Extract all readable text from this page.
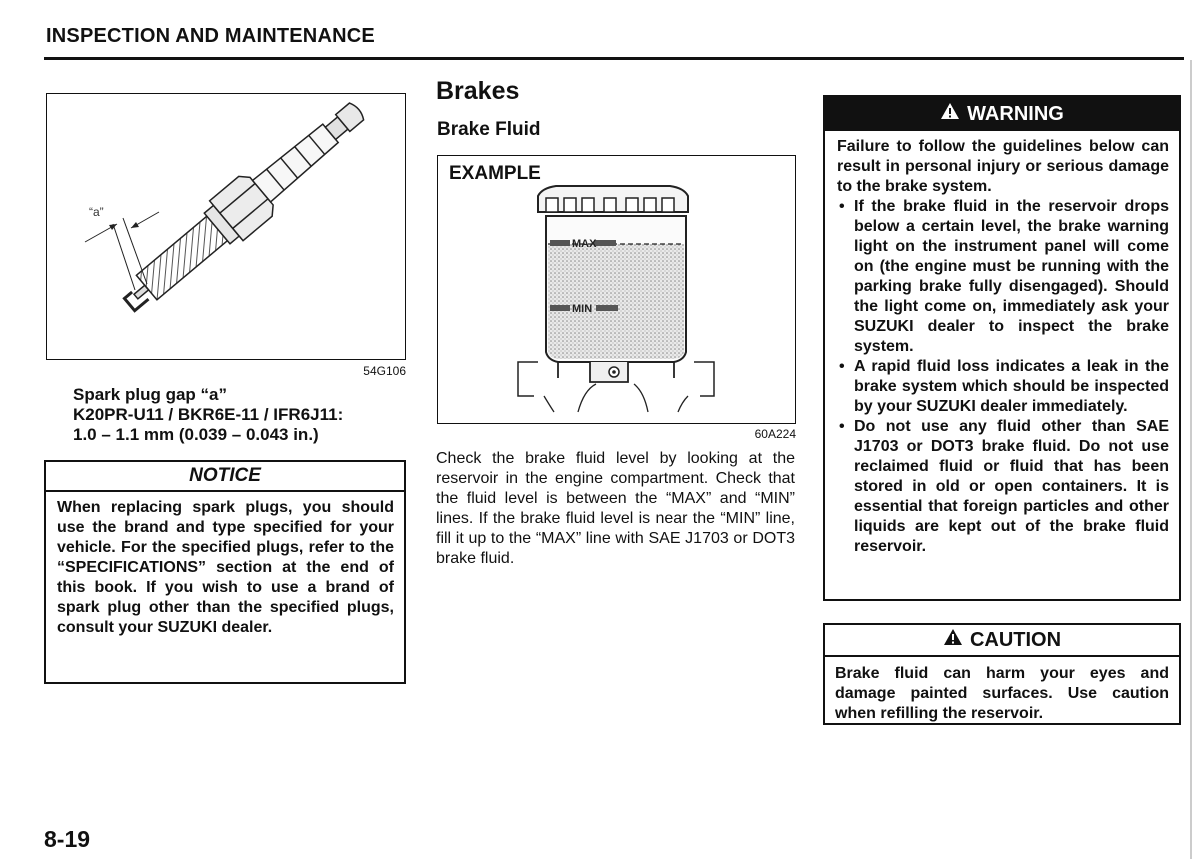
INSPECTION AND MAINTENANCE
“a”
54G106
Spark plug gap “a”
K20PR-U11 / BKR6E-11 / IFR6J11:
1.0 – 1.1 mm (0.039 – 0.043 in.)
NOTICE
When replacing spark plugs, you should use the brand and type specified for your vehicle. For the specified plugs, refer to the “SPECIFICATIONS” section at the end of this book. If you wish to use a brand of spark plug other than the specified plugs, consult your SUZUKI dealer.
Brakes
Brake Fluid
MAX
MIN
EXAMPLE
60A224
Check the brake fluid level by looking at the reservoir in the engine compartment. Check that the fluid level is between the “MAX” and “MIN” lines. If the brake fluid level is near the “MIN” line, fill it up to the “MAX” line with SAE J1703 or DOT3 brake fluid.
WARNING
Failure to follow the guidelines below can result in personal injury or serious damage to the brake system.
• If the brake fluid in the reservoir drops below a certain level, the brake warning light on the instrument panel will come on (the engine must be running with the parking brake fully disengaged). Should the light come on, immediately ask your SUZUKI dealer to inspect the brake system.
• A rapid fluid loss indicates a leak in the brake system which should be inspected by your SUZUKI dealer immediately.
• Do not use any fluid other than SAE J1703 or DOT3 brake fluid. Do not use reclaimed fluid or fluid that has been stored in old or open containers. It is essential that foreign particles and other liquids are kept out of the brake fluid reservoir.
CAUTION
Brake fluid can harm your eyes and damage painted surfaces. Use caution when refilling the reservoir.
8-19
